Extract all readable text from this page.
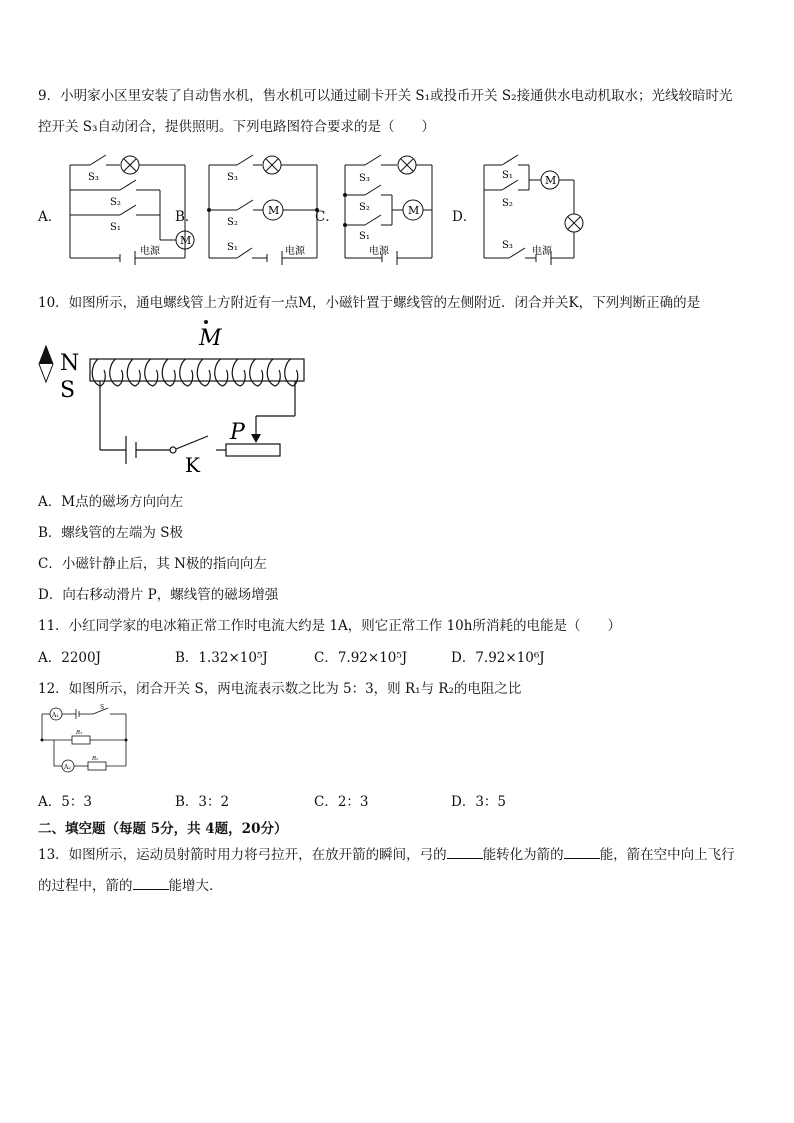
9．小明家小区里安装了自动售水机，售水机可以通过刷卡开关 S₁或投币开关 S₂接通供水电动机取水；光线较暗时光
控开关 S₃自动闭合，提供照明。下列电路图符合要求的是（　　）
A．
S₃
S₂
S₁
M
电源
B．
S₃
S₂
M
S₁	电源
C．
S₃
S₂
S₁
M
电源
D．
S₁
S₂
M
S₃
电源
10．如图所示，通电螺线管上方附近有一点M，小磁针置于螺线管的左侧附近．闭合并关K，下列判断正确的是
N
S
M
P
K
A．M点的磁场方向向左
B．螺线管的左端为 S极
C．小磁针静止后，其 N极的指向向左
D．向右移动滑片 P，螺线管的磁场增强
11．小红同学家的电冰箱正常工作时电流大约是 1A，则它正常工作 10h所消耗的电能是（　　）
A．2200J	B．1.32×10⁵J	C．7.92×10⁵J	D．7.92×10⁶J
12．如图所示，闭合开关 S，两电流表示数之比为 5：3，则 R₁与 R₂的电阻之比
A₁
S
R₁
A₂
R₂
A．5：3	B．3：2	C．2：3	D．3：5
二、填空题（每题 5分，共 4题，20分）
13．如图所示，运动员射箭时用力将弓拉开，在放开箭的瞬间，弓的	能转化为箭的	能，箭在空中向上飞行
的过程中，箭的	能增大．
